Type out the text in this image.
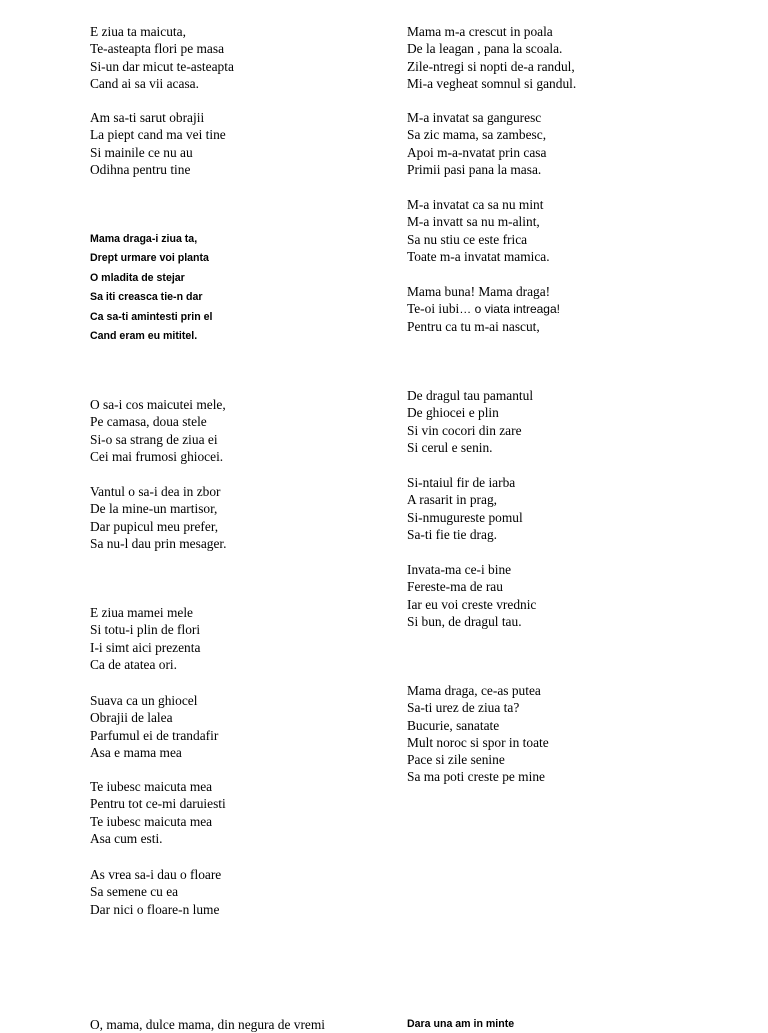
E ziua ta maicuta,
Te-asteapta flori pe masa
Si-un dar micut te-asteapta
Cand ai sa vii acasa.
Am sa-ti sarut obrajii
La piept cand ma vei tine
Si mainile ce nu au
Odihna pentru tine
Mama draga-i ziua ta,
Drept urmare voi planta
O mladita de stejar
Sa iti creasca tie-n dar
Ca sa-ti amintesti prin el
Cand eram eu mititel.
O sa-i cos maicutei mele,
Pe camasa, doua stele
Si-o sa strang de ziua ei
Cei mai frumosi ghiocei.
Vantul o sa-i dea in zbor
De la mine-un martisor,
Dar pupicul meu prefer,
Sa nu-l dau prin mesager.
E ziua mamei mele
Si totu-i plin de flori
I-i simt aici prezenta
Ca de atatea ori.
Suava ca un ghiocel
Obrajii de lalea
Parfumul ei de trandafir
Asa e mama mea
Te iubesc maicuta mea
Pentru tot ce-mi daruiesti
Te iubesc maicuta mea
Asa cum esti.
As vrea sa-i dau o floare
Sa semene cu ea
Dar nici o floare-n lume
O, mama, dulce mama, din negura de vremi
Mama m-a crescut in poala
De la leagan , pana la scoala.
Zile-ntregi si nopti de-a randul,
Mi-a vegheat somnul si gandul.
M-a invatat sa ganguresc
Sa zic mama, sa zambesc,
Apoi m-a-nvatat prin casa
Primii pasi pana la masa.
M-a invatat ca sa nu mint
M-a invatt sa nu m-alint,
Sa nu stiu ce este frica
Toate m-a invatat mamica.
Mama buna! Mama draga!
Te-oi iubi… o viata intreaga!
Pentru ca tu m-ai nascut,
De dragul tau pamantul
De ghiocei e plin
Si vin cocori din zare
Si cerul e senin.
Si-ntaiul fir de iarba
A rasarit in prag,
Si-nmugureste pomul
Sa-ti fie tie drag.
Invata-ma ce-i bine
Fereste-ma de rau
Iar eu voi creste vrednic
Si bun, de dragul tau.
Mama draga, ce-as putea
Sa-ti urez de ziua ta?
Bucurie, sanatate
Mult noroc si spor in toate
Pace si zile senine
Sa ma poti creste pe mine
Dara una am in minte
